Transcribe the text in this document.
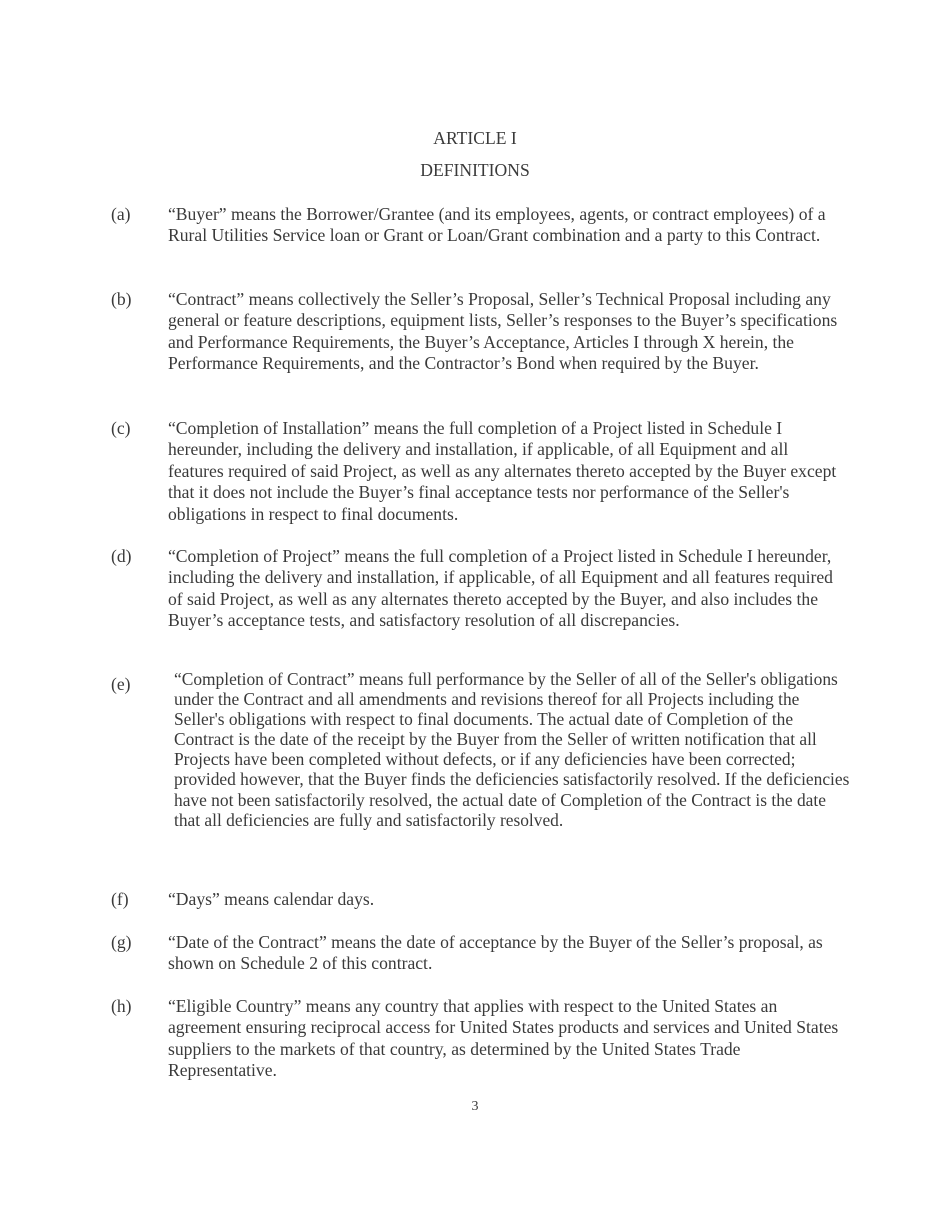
ARTICLE I
DEFINITIONS
(a) “Buyer” means the Borrower/Grantee (and its employees, agents, or contract employees) of a Rural Utilities Service loan or Grant or Loan/Grant combination and a party to this Contract.
(b) “Contract” means collectively the Seller’s Proposal, Seller’s Technical Proposal including any general or feature descriptions, equipment lists, Seller’s responses to the Buyer’s specifications and Performance Requirements, the Buyer’s Acceptance, Articles I through X herein, the Performance Requirements, and the Contractor’s Bond when required by the Buyer.
(c) “Completion of Installation” means the full completion of a Project listed in Schedule I hereunder, including the delivery and installation, if applicable, of all Equipment and all features required of said Project, as well as any alternates thereto accepted by the Buyer except that it does not include the Buyer’s final acceptance tests nor performance of the Seller's obligations in respect to final documents.
(d) “Completion of Project” means the full completion of a Project listed in Schedule I hereunder, including the delivery and installation, if applicable, of all Equipment and all features required of said Project, as well as any alternates thereto accepted by the Buyer, and also includes the Buyer’s acceptance tests, and satisfactory resolution of all discrepancies.
(e) “Completion of Contract” means full performance by the Seller of all of the Seller's obligations under the Contract and all amendments and revisions thereof for all Projects including the Seller's obligations with respect to final documents. The actual date of Completion of the Contract is the date of the receipt by the Buyer from the Seller of written notification that all Projects have been completed without defects, or if any deficiencies have been corrected; provided however, that the Buyer finds the deficiencies satisfactorily resolved. If the deficiencies have not been satisfactorily resolved, the actual date of Completion of the Contract is the date that all deficiencies are fully and satisfactorily resolved.
(f) “Days” means calendar days.
(g) “Date of the Contract” means the date of acceptance by the Buyer of the Seller’s proposal, as shown on Schedule 2 of this contract.
(h) “Eligible Country” means any country that applies with respect to the United States an agreement ensuring reciprocal access for United States products and services and United States suppliers to the markets of that country, as determined by the United States Trade Representative.
3
